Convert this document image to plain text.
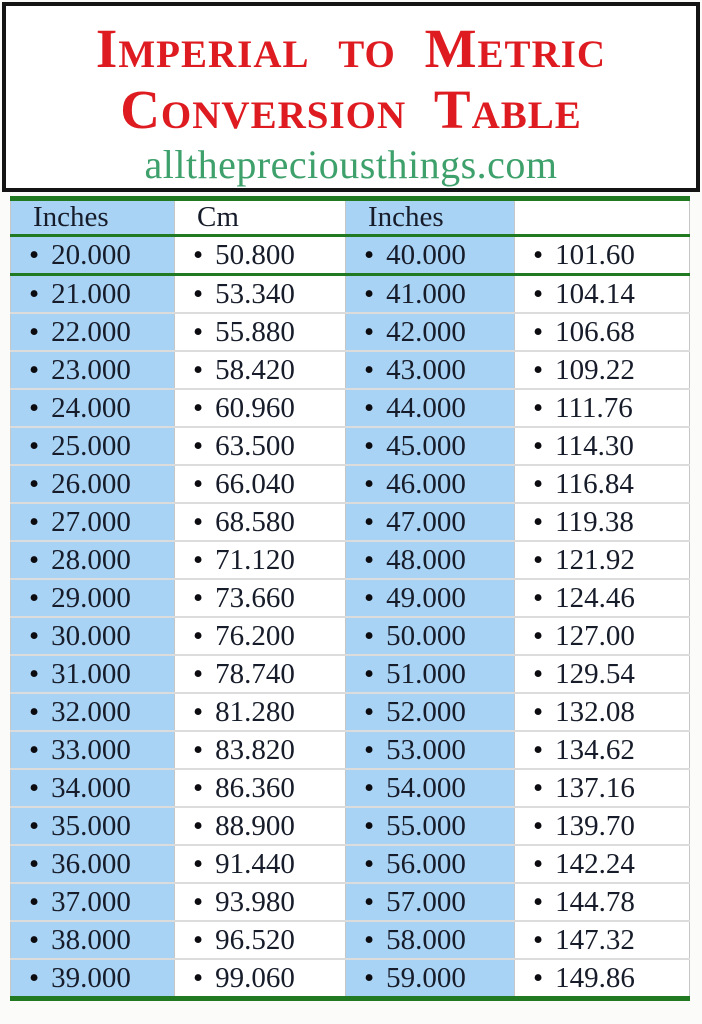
Imperial to Metric
Conversion Table
allthepreciousthings.com
Inches	Cm	Inches	
• 20.000	• 50.800	• 40.000	• 101.60
• 21.000	• 53.340	• 41.000	• 104.14
• 22.000	• 55.880	• 42.000	• 106.68
• 23.000	• 58.420	• 43.000	• 109.22
• 24.000	• 60.960	• 44.000	• 111.76
• 25.000	• 63.500	• 45.000	• 114.30
• 26.000	• 66.040	• 46.000	• 116.84
• 27.000	• 68.580	• 47.000	• 119.38
• 28.000	• 71.120	• 48.000	• 121.92
• 29.000	• 73.660	• 49.000	• 124.46
• 30.000	• 76.200	• 50.000	• 127.00
• 31.000	• 78.740	• 51.000	• 129.54
• 32.000	• 81.280	• 52.000	• 132.08
• 33.000	• 83.820	• 53.000	• 134.62
• 34.000	• 86.360	• 54.000	• 137.16
• 35.000	• 88.900	• 55.000	• 139.70
• 36.000	• 91.440	• 56.000	• 142.24
• 37.000	• 93.980	• 57.000	• 144.78
• 38.000	• 96.520	• 58.000	• 147.32
• 39.000	• 99.060	• 59.000	• 149.86
